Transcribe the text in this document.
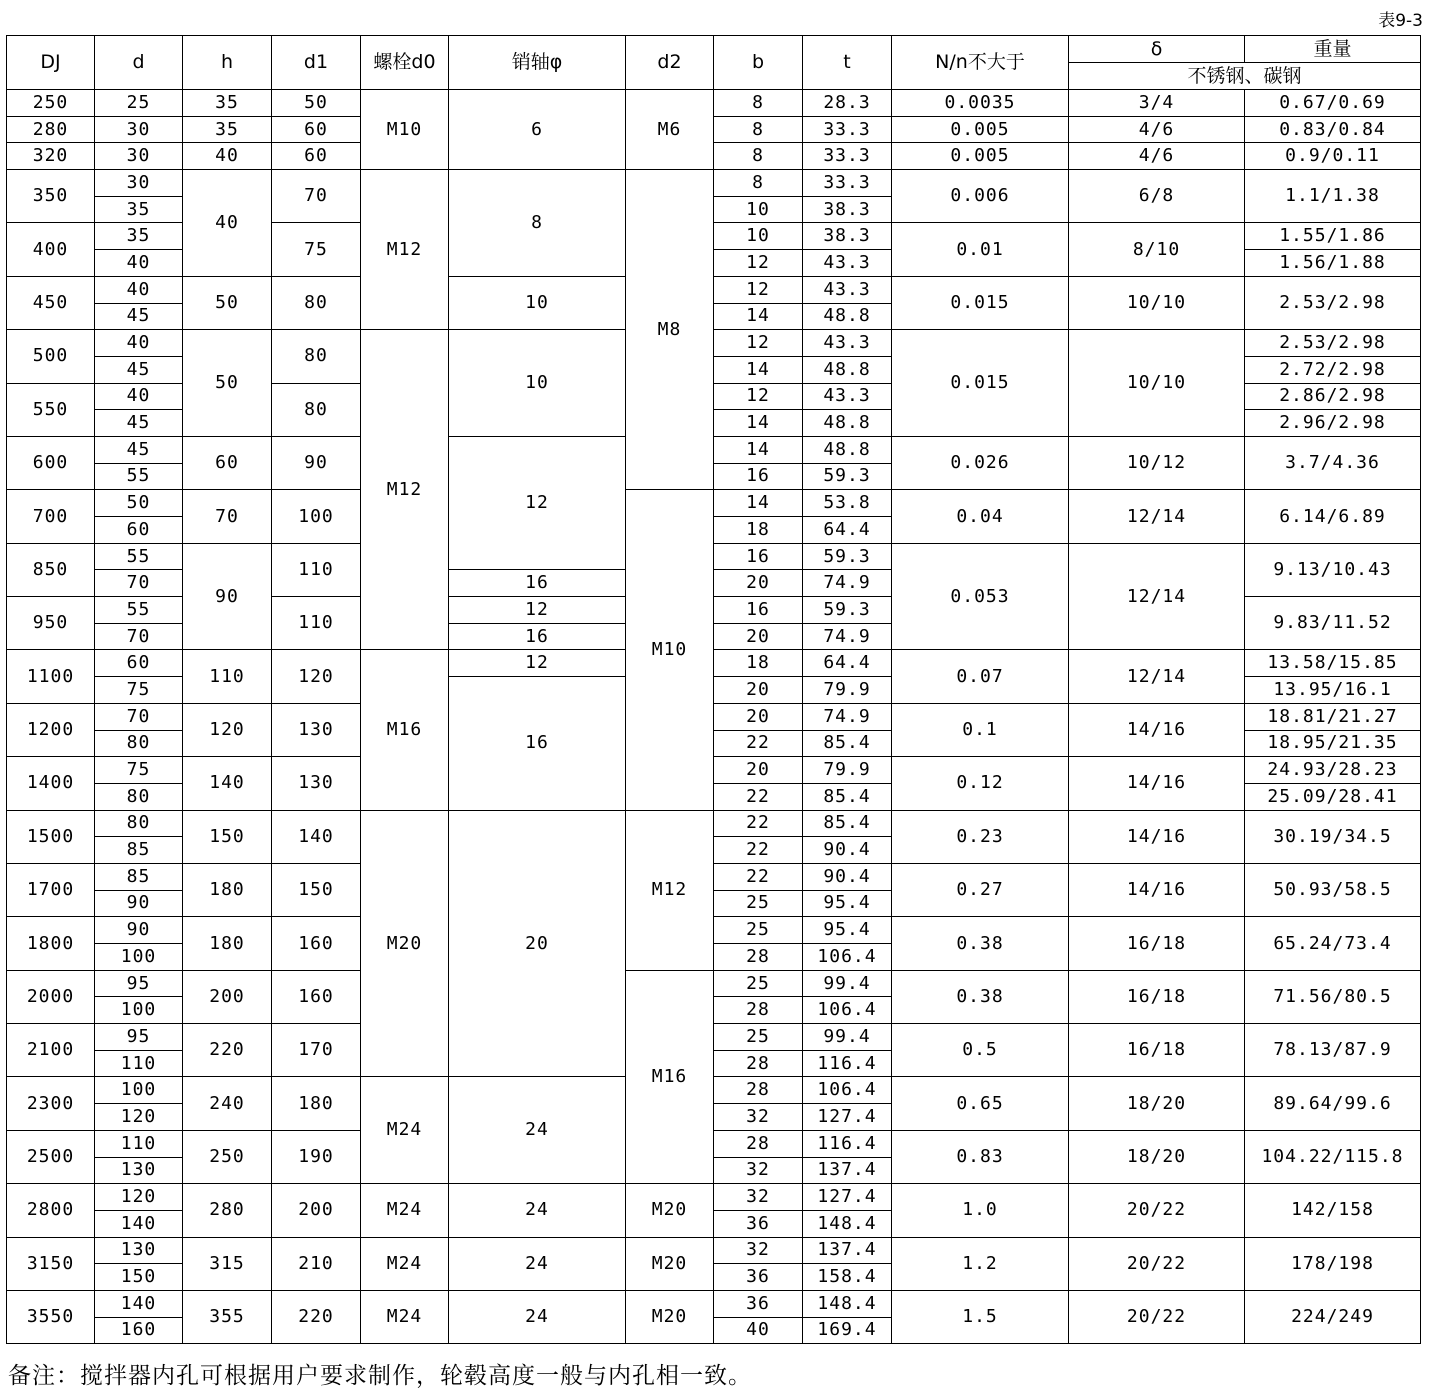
表9-3
DJ	d	h	d1	螺栓d0	销轴φ	d2	b	t	N/n不大于	δ	重量
										不锈钢、碳钢	
250	25	35	50	M10	6	M6	8	28.3	0.0035	3/4	0.67/0.69
280	30	35	60				8	33.3	0.005	4/6	0.83/0.84
320	30	40	60				8	33.3	0.005	4/6	0.9/0.11
350	30	40	70	M12	8	M8	8	33.3	0.006	6/8	1.1/1.38
	35						10	38.3			
400	35		75				10	38.3	0.01	8/10	1.55/1.86
	40						12	43.3			1.56/1.88
450	40	50	80		10		12	43.3	0.015	10/10	2.53/2.98
	45						14	48.8			
500	40	50	80	M12	10		12	43.3	0.015	10/10	2.53/2.98
	45						14	48.8			2.72/2.98
550	40		80				12	43.3			2.86/2.98
	45						14	48.8			2.96/2.98
600	45	60	90		12		14	48.8	0.026	10/12	3.7/4.36
	55						16	59.3			
700	50	70	100			M10	14	53.8	0.04	12/14	6.14/6.89
	60						18	64.4			
850	55	90	110				16	59.3	0.053	12/14	9.13/10.43
	70				16		20	74.9			
950	55		110		12		16	59.3			9.83/11.52
	70				16		20	74.9			
1100	60	110	120	M16	12		18	64.4	0.07	12/14	13.58/15.85
	75				16		20	79.9			13.95/16.1
1200	70	120	130				20	74.9	0.1	14/16	18.81/21.27
	80						22	85.4			18.95/21.35
1400	75	140	130				20	79.9	0.12	14/16	24.93/28.23
	80						22	85.4			25.09/28.41
1500	80	150	140	M20	20	M12	22	85.4	0.23	14/16	30.19/34.5
	85						22	90.4			
1700	85	180	150				22	90.4	0.27	14/16	50.93/58.5
	90						25	95.4			
1800	90	180	160				25	95.4	0.38	16/18	65.24/73.4
	100						28	106.4			
2000	95	200	160			M16	25	99.4	0.38	16/18	71.56/80.5
	100						28	106.4			
2100	95	220	170				25	99.4	0.5	16/18	78.13/87.9
	110						28	116.4			
2300	100	240	180	M24	24		28	106.4	0.65	18/20	89.64/99.6
	120						32	127.4			
2500	110	250	190				28	116.4	0.83	18/20	104.22/115.8
	130						32	137.4			
2800	120	280	200	M24	24	M20	32	127.4	1.0	20/22	142/158
	140						36	148.4			
3150	130	315	210	M24	24	M20	32	137.4	1.2	20/22	178/198
	150						36	158.4			
3550	140	355	220	M24	24	M20	36	148.4	1.5	20/22	224/249
	160						40	169.4			
备注：搅拌器内孔可根据用户要求制作，轮毂高度一般与内孔相一致。
